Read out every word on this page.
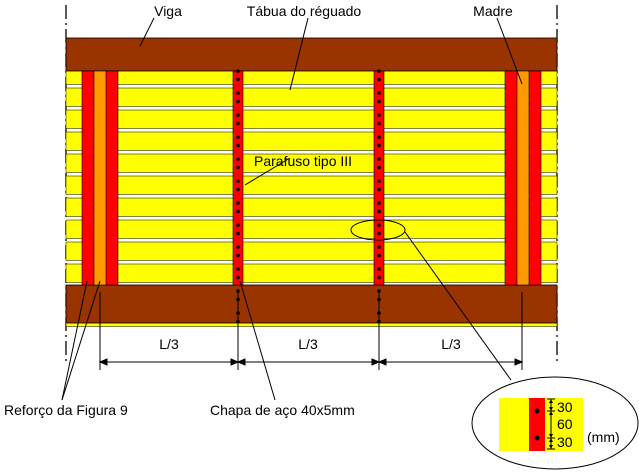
Viga	Tábua do réguado	Madre
Parafuso tipo III
Reforço da Figura 9	Chapa de aço 40x5mm
L/3	L/3	L/3
30
60
30 (mm)
